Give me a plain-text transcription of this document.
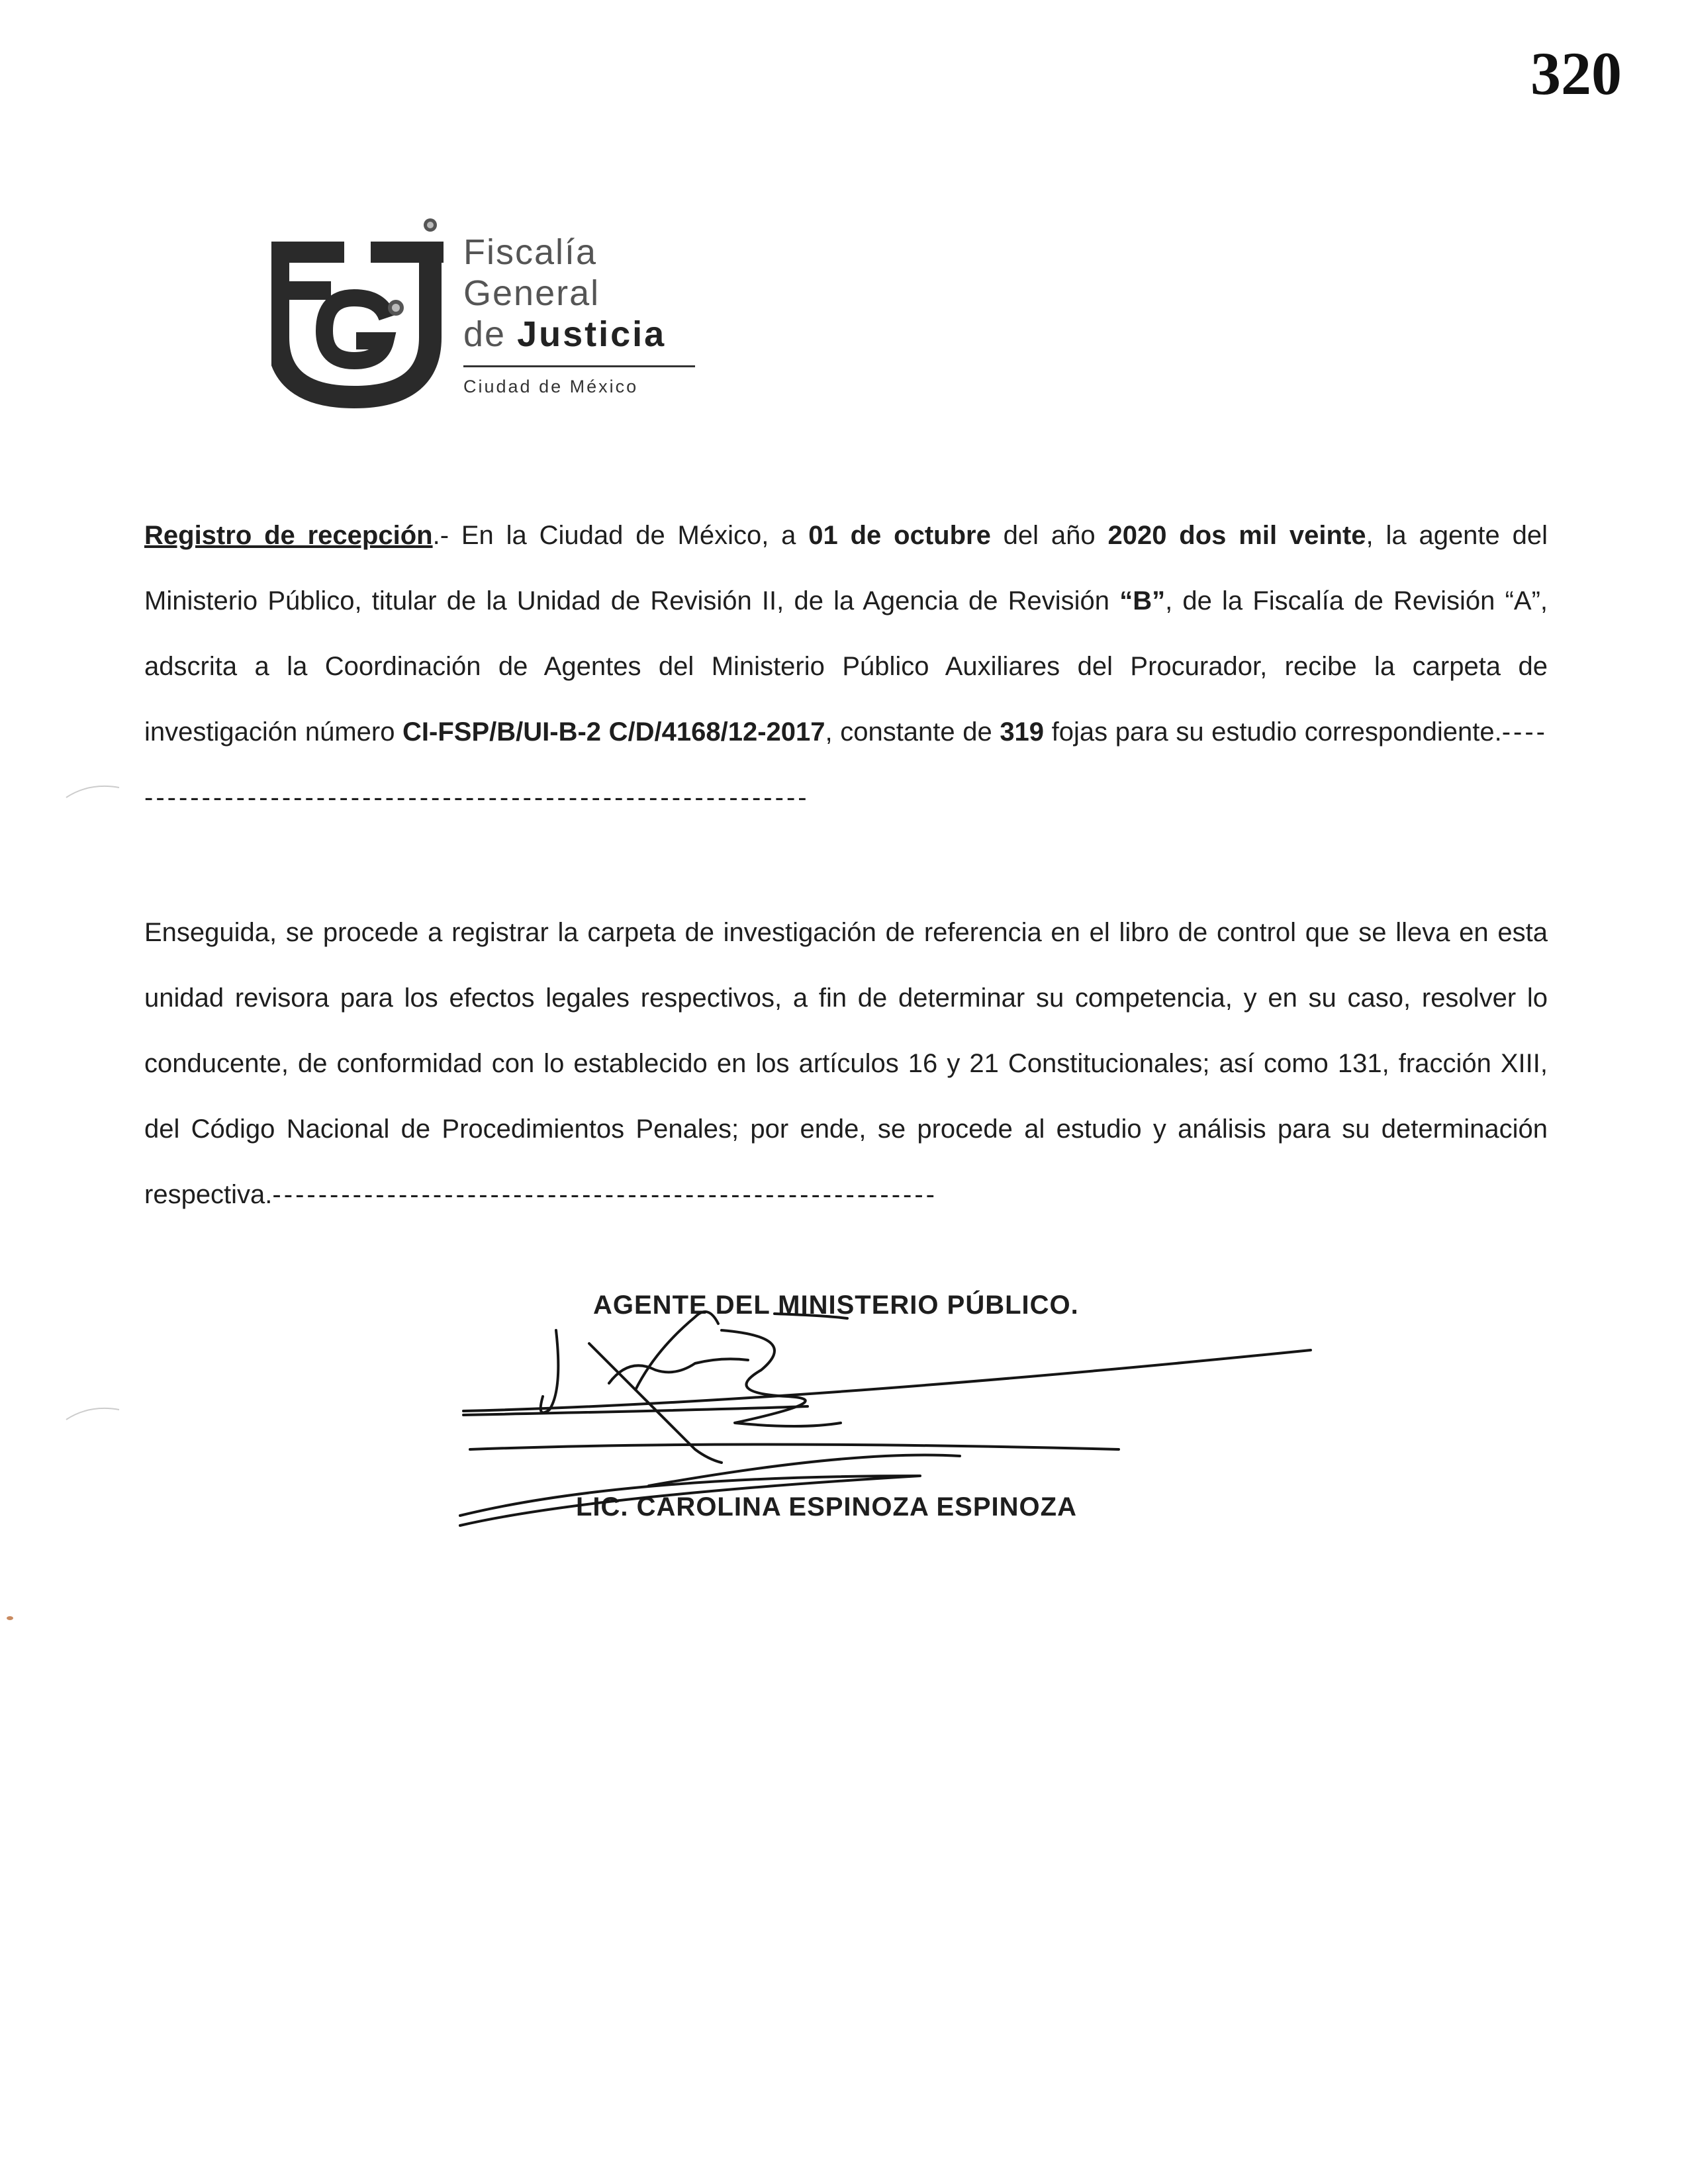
320
Fiscalía
General
de Justicia
Ciudad de México
Registro de recepción.- En la Ciudad de México, a 01 de octubre del año 2020 dos mil veinte, la agente del Ministerio Público, titular de la Unidad de Revisión II, de la Agencia de Revisión “B”, de la Fiscalía de Revisión “A”, adscrita a la Coordinación de Agentes del Ministerio Público Auxiliares del Procurador, recibe la carpeta de investigación número CI-FSP/B/UI-B-2 C/D/4168/12-2017, constante de 319 fojas para su estudio correspondiente.--------------------------------------------------------------
Enseguida, se procede a registrar la carpeta de investigación de referencia en el libro de control que se lleva en esta unidad revisora para los efectos legales respectivos, a fin de determinar su competencia, y en su caso, resolver lo conducente, de conformidad con lo establecido en los artículos 16 y 21 Constitucionales; así como 131, fracción XIII, del Código Nacional de Procedimientos Penales; por ende, se procede al estudio y análisis para su determinación respectiva.----------------------------------------------------------
AGENTE DEL MINISTERIO PÚBLICO.
LIC. CAROLINA ESPINOZA ESPINOZA
